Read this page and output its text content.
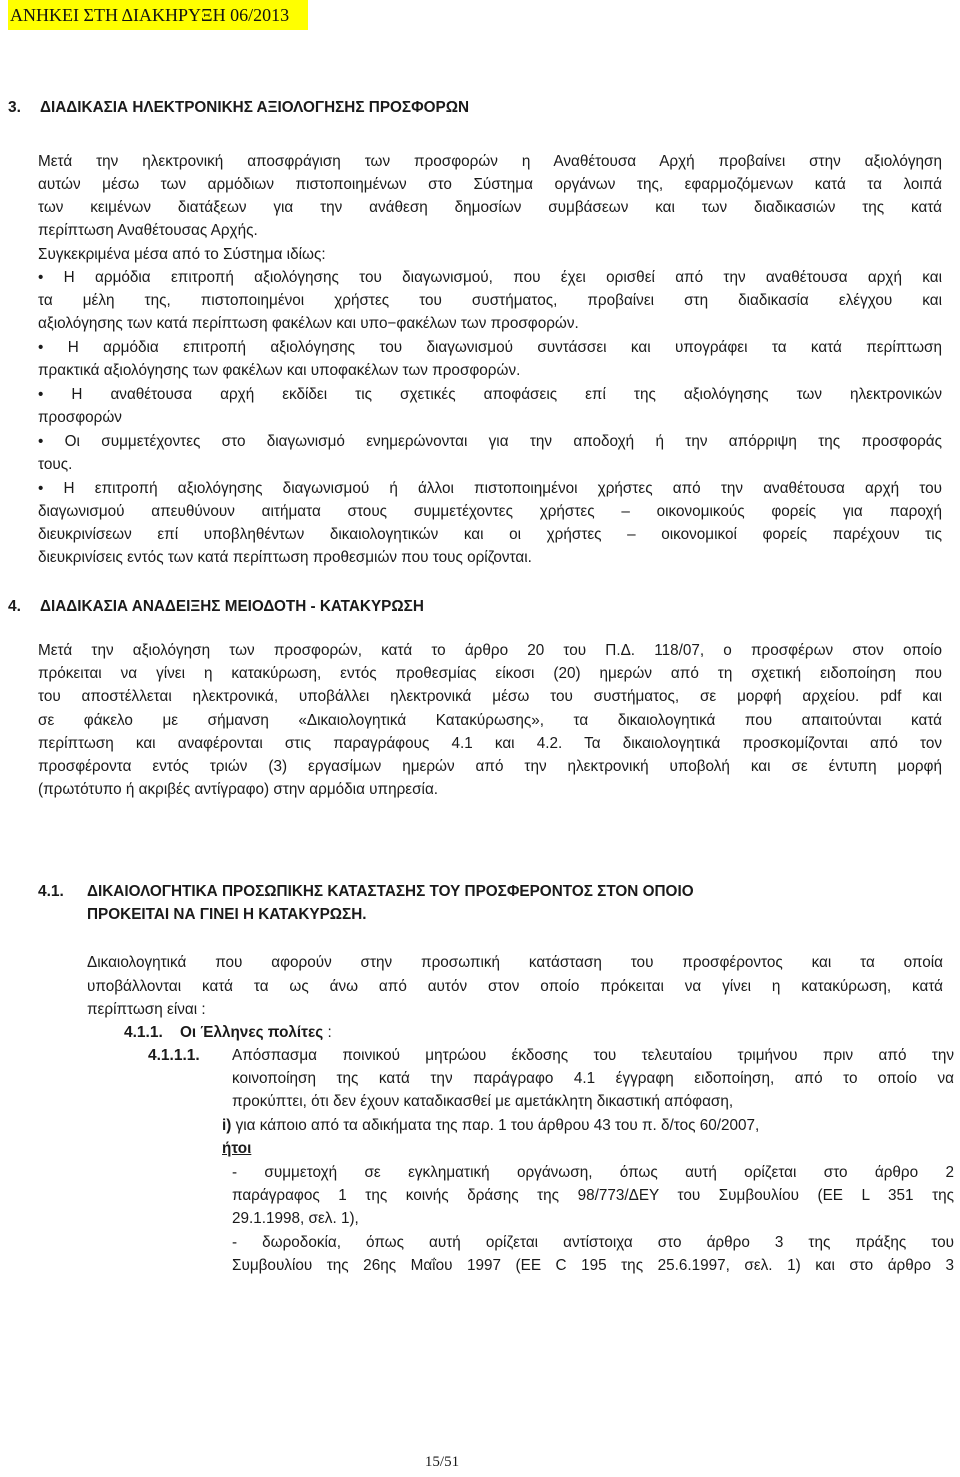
ΑΝΗΚΕΙ ΣΤΗ ΔΙΑΚΗΡΥΞΗ 06/2013
3. ΔΙΑΔΙΚΑΣΙΑ ΗΛΕΚΤΡΟΝΙΚΗΣ ΑΞΙΟΛΟΓΗΣΗΣ ΠΡΟΣΦΟΡΩΝ
Μετά την ηλεκτρονική αποσφράγιση των προσφορών η Αναθέτουσα Αρχή προβαίνει στην αξιολόγηση
αυτών μέσω των αρμόδιων πιστοποιημένων στο Σύστημα οργάνων της, εφαρμοζόμενων κατά τα λοιπά
των κειμένων διατάξεων για την ανάθεση δημοσίων συμβάσεων και των διαδικασιών της κατά
περίπτωση Αναθέτουσας Αρχής.
Συγκεκριμένα μέσα από το Σύστημα ιδίως:
• Η αρμόδια επιτροπή αξιολόγησης του διαγωνισμού, που έχει ορισθεί από την αναθέτουσα αρχή και
τα μέλη της, πιστοποιημένοι χρήστες του συστήματος, προβαίνει στη διαδικασία ελέγχου και
αξιολόγησης των κατά περίπτωση φακέλων και υπο−φακέλων των προσφορών.
• Η αρμόδια επιτροπή αξιολόγησης του διαγωνισμού συντάσσει και υπογράφει τα κατά περίπτωση
πρακτικά αξιολόγησης των φακέλων και υποφακέλων των προσφορών.
• Η αναθέτουσα αρχή εκδίδει τις σχετικές αποφάσεις επί της αξιολόγησης των ηλεκτρονικών
προσφορών
• Οι συμμετέχοντες στο διαγωνισμό ενημερώνονται για την αποδοχή ή την απόρριψη της προσφοράς
τους.
• Η επιτροπή αξιολόγησης διαγωνισμού ή άλλοι πιστοποιημένοι χρήστες από την αναθέτουσα αρχή του
διαγωνισμού απευθύνουν αιτήματα στους συμμετέχοντες χρήστες – οικονομικούς φορείς για παροχή
διευκρινίσεων επί υποβληθέντων δικαιολογητικών και οι χρήστες – οικονομικοί φορείς παρέχουν τις
διευκρινίσεις εντός των κατά περίπτωση προθεσμιών που τους ορίζονται.
4. ΔΙΑΔΙΚΑΣΙΑ ΑΝΑΔΕΙΞΗΣ ΜΕΙΟΔΟΤΗ - ΚΑΤΑΚΥΡΩΣΗ
Μετά την αξιολόγηση των προσφορών, κατά το άρθρο 20 του Π.Δ. 118/07, ο προσφέρων στον οποίο
πρόκειται να γίνει η κατακύρωση, εντός προθεσμίας είκοσι (20) ημερών από τη σχετική ειδοποίηση που
του αποστέλλεται ηλεκτρονικά, υποβάλλει ηλεκτρονικά μέσω του συστήματος, σε μορφή αρχείου. pdf και
σε φάκελο με σήμανση «Δικαιολογητικά Κατακύρωσης», τα δικαιολογητικά που απαιτούνται κατά
περίπτωση και αναφέρονται στις παραγράφους 4.1 και 4.2. Τα δικαιολογητικά προσκομίζονται από τον
προσφέροντα εντός τριών (3) εργασίμων ημερών από την ηλεκτρονική υποβολή και σε έντυπη μορφή
(πρωτότυπο ή ακριβές αντίγραφο) στην αρμόδια υπηρεσία.
4.1. ΔΙΚΑΙΟΛΟΓΗΤΙΚΑ ΠΡΟΣΩΠΙΚΗΣ ΚΑΤΑΣΤΑΣΗΣ ΤΟΥ ΠΡΟΣΦΕΡΟΝΤΟΣ ΣΤΟΝ ΟΠΟΙΟ
ΠΡΟΚΕΙΤΑΙ ΝΑ ΓΙΝΕΙ Η ΚΑΤΑΚΥΡΩΣΗ.
Δικαιολογητικά που αφορούν στην προσωπική κατάσταση του προσφέροντος και τα οποία
υποβάλλονται κατά τα ως άνω από αυτόν στον οποίο πρόκειται να γίνει η κατακύρωση, κατά
περίπτωση είναι :
4.1.1. Οι Έλληνες πολίτες :
4.1.1.1. Απόσπασμα ποινικού μητρώου έκδοσης του τελευταίου τριμήνου πριν από την
κοινοποίηση της κατά την παράγραφο 4.1 έγγραφη ειδοποίηση, από το οποίο να
προκύπτει, ότι δεν έχουν καταδικασθεί με αμετάκλητη δικαστική απόφαση,
i) για κάποιο από τα αδικήματα της παρ. 1 του άρθρου 43 του π. δ/τος 60/2007,
ήτοι
- συμμετοχή σε εγκληματική οργάνωση, όπως αυτή ορίζεται στο άρθρο 2
παράγραφος 1 της κοινής δράσης της 98/773/ΔΕΥ του Συμβουλίου (ΕΕ L 351 της
29.1.1998, σελ. 1),
- δωροδοκία, όπως αυτή ορίζεται αντίστοιχα στο άρθρο 3 της πράξης του
Συμβουλίου της 26ης Μαΐου 1997 (ΕΕ C 195 της 25.6.1997, σελ. 1) και στο άρθρο 3
15/51
